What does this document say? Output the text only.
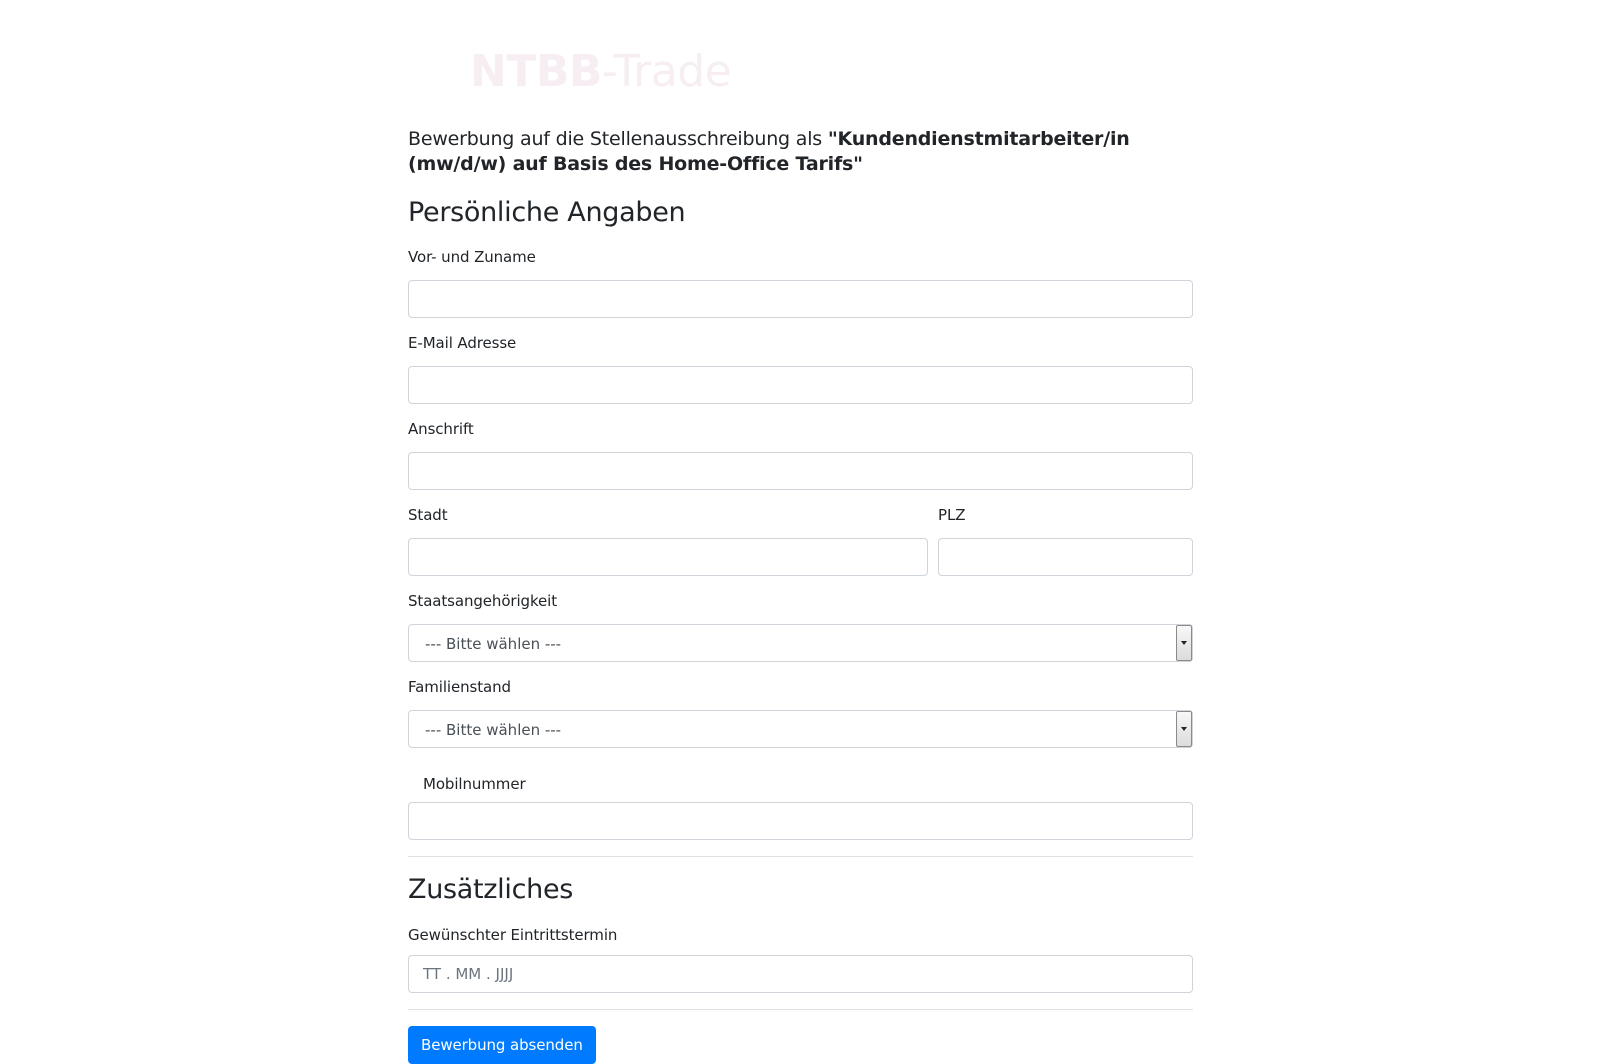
NTBB-Trade
Bewerbung auf die Stellenausschreibung als "Kundendienstmitarbeiter/in (mw/d/w) auf Basis des Home-Office Tarifs"
Persönliche Angaben
Vor- und Zuname
E-Mail Adresse
Anschrift
Stadt	PLZ
Staatsangehörigkeit
--- Bitte wählen ---
Familienstand
--- Bitte wählen ---
Mobilnummer
Zusätzliches
Gewünschter Eintrittstermin
TT . MM . JJJJ
Bewerbung absenden
